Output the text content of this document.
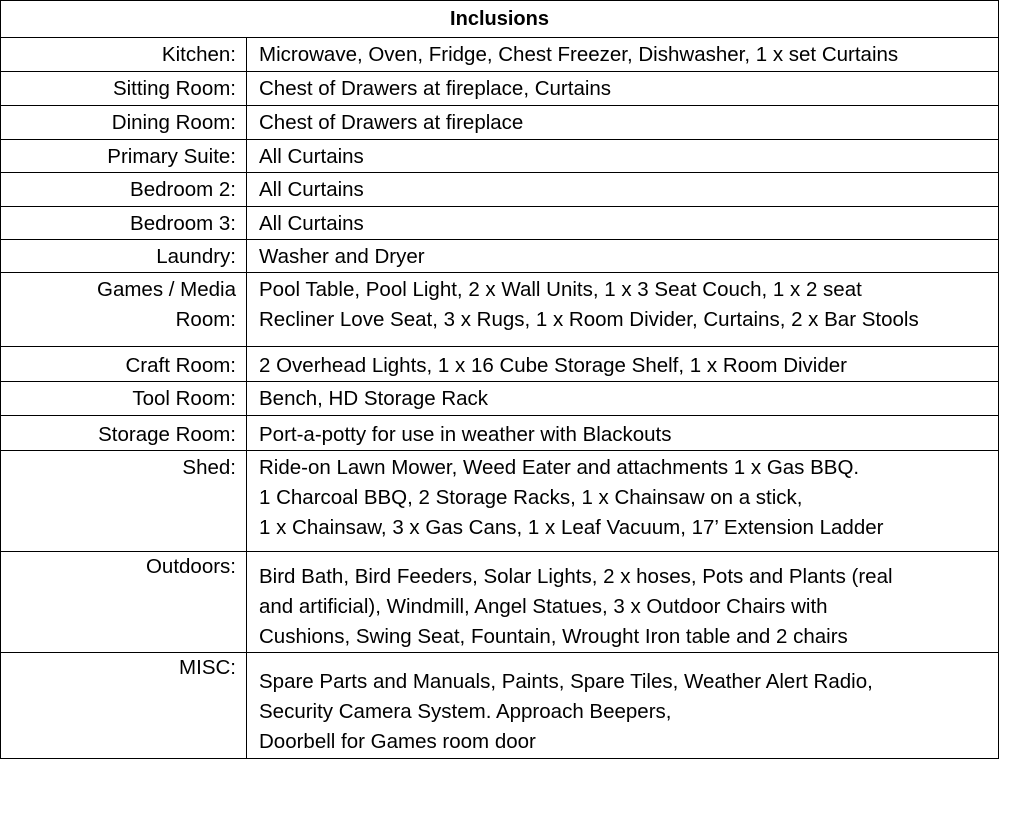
Inclusions	

Kitchen:	Microwave, Oven, Fridge, Chest Freezer, Dishwasher, 1 x set Curtains

Sitting Room:	Chest of Drawers at fireplace, Curtains

Dining Room:	Chest of Drawers at fireplace

Primary Suite:	All Curtains

Bedroom 2:	All Curtains

Bedroom 3:	All Curtains

Laundry:	Washer and Dryer

Games / Media
Room:	Pool Table, Pool Light, 2 x Wall Units, 1 x 3 Seat Couch, 1 x 2 seat
Recliner Love Seat, 3 x Rugs, 1 x Room Divider, Curtains, 2 x Bar Stools

Craft Room:	2 Overhead Lights, 1 x 16 Cube Storage Shelf, 1 x Room Divider

Tool Room:	Bench, HD Storage Rack

Storage Room:	Port-a-potty for use in weather with Blackouts

Shed:	Ride-on Lawn Mower, Weed Eater and attachments 1 x Gas BBQ.
1 Charcoal BBQ, 2 Storage Racks, 1 x Chainsaw on a stick,
1 x Chainsaw, 3 x Gas Cans, 1 x Leaf Vacuum, 17’ Extension Ladder

Outdoors:	Bird Bath, Bird Feeders, Solar Lights, 2 x hoses, Pots and Plants (real
and artificial), Windmill, Angel Statues, 3 x Outdoor Chairs with
Cushions, Swing Seat, Fountain, Wrought Iron table and 2 chairs

MISC:	Spare Parts and Manuals, Paints, Spare Tiles, Weather Alert Radio,
Security Camera System. Approach Beepers,
Doorbell for Games room door
